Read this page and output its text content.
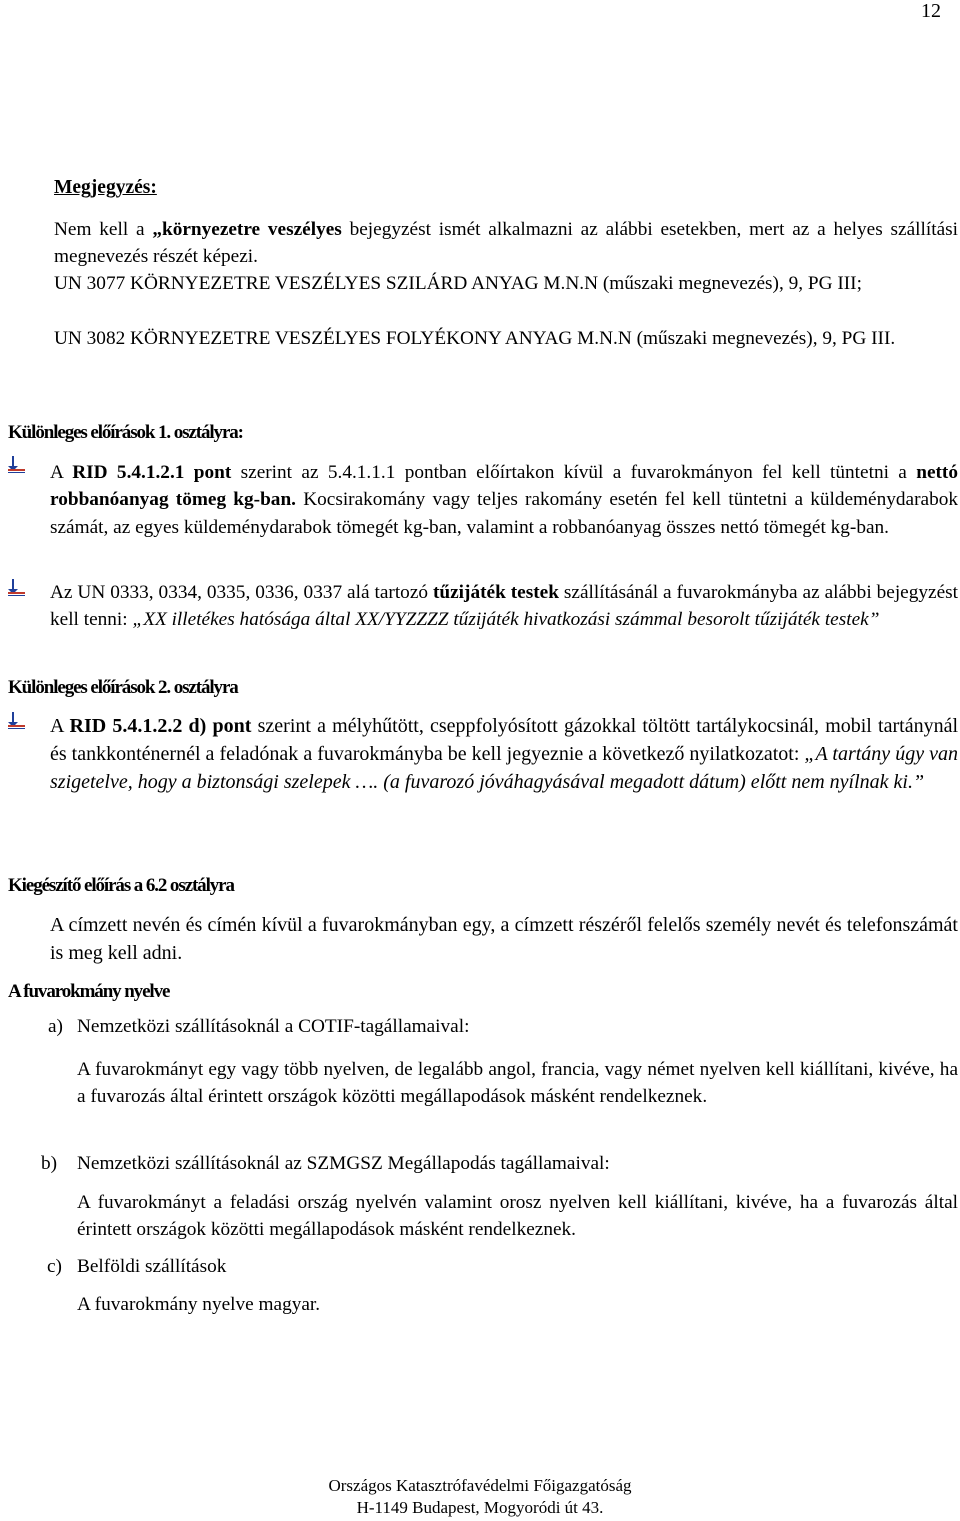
12
Megjegyzés:
Nem kell a „környezetre veszélyes bejegyzést ismét alkalmazni az alábbi esetekben, mert az a helyes szállítási megnevezés részét képezi.
UN 3077 KÖRNYEZETRE VESZÉLYES SZILÁRD ANYAG M.N.N (műszaki megnevezés), 9, PG III;
UN 3082 KÖRNYEZETRE VESZÉLYES FOLYÉKONY ANYAG M.N.N (műszaki megnevezés), 9, PG III.
Különleges előírások 1. osztályra:
A RID 5.4.1.2.1 pont szerint az 5.4.1.1.1 pontban előírtakon kívül a fuvarokmányon fel kell tüntetni a nettó robbanóanyag tömeg kg-ban. Kocsirakomány vagy teljes rakomány esetén fel kell tüntetni a küldeménydarabok számát, az egyes küldeménydarabok tömegét kg-ban, valamint a robbanóanyag összes nettó tömegét kg-ban.
Az UN 0333, 0334, 0335, 0336, 0337 alá tartozó tűzijáték testek szállításánál a fuvarokmányba az alábbi bejegyzést kell tenni: „XX illetékes hatósága által XX/YYZZZZ tűzijáték hivatkozási számmal besorolt tűzijáték testek”
Különleges előírások 2. osztályra
A RID 5.4.1.2.2 d) pont szerint a mélyhűtött, cseppfolyósított gázokkal töltött tartálykocsinál, mobil tartánynál és tankkonténernél a feladónak a fuvarokmányba be kell jegyeznie a következő nyilatkozatot: „A tartány úgy van szigetelve, hogy a biztonsági szelepek …. (a fuvarozó jóváhagyásával megadott dátum) előtt nem nyílnak ki.”
Kiegészítő előírás a 6.2 osztályra
A címzett nevén és címén kívül a fuvarokmányban egy, a címzett részéről felelős személy nevét és telefonszámát is meg kell adni.
A fuvarokmány nyelve
a) Nemzetközi szállításoknál a COTIF-tagállamaival:
A fuvarokmányt egy vagy több nyelven, de legalább angol, francia, vagy német nyelven kell kiállítani, kivéve, ha a fuvarozás által érintett országok közötti megállapodások másként rendelkeznek.
b) Nemzetközi szállításoknál az SZMGSZ Megállapodás tagállamaival:
A fuvarokmányt a feladási ország nyelvén valamint orosz nyelven kell kiállítani, kivéve, ha a fuvarozás által érintett országok közötti megállapodások másként rendelkeznek.
c) Belföldi szállítások
A fuvarokmány nyelve magyar.
Országos Katasztrófavédelmi Főigazgatóság
H-1149 Budapest, Mogyoródi út 43.
